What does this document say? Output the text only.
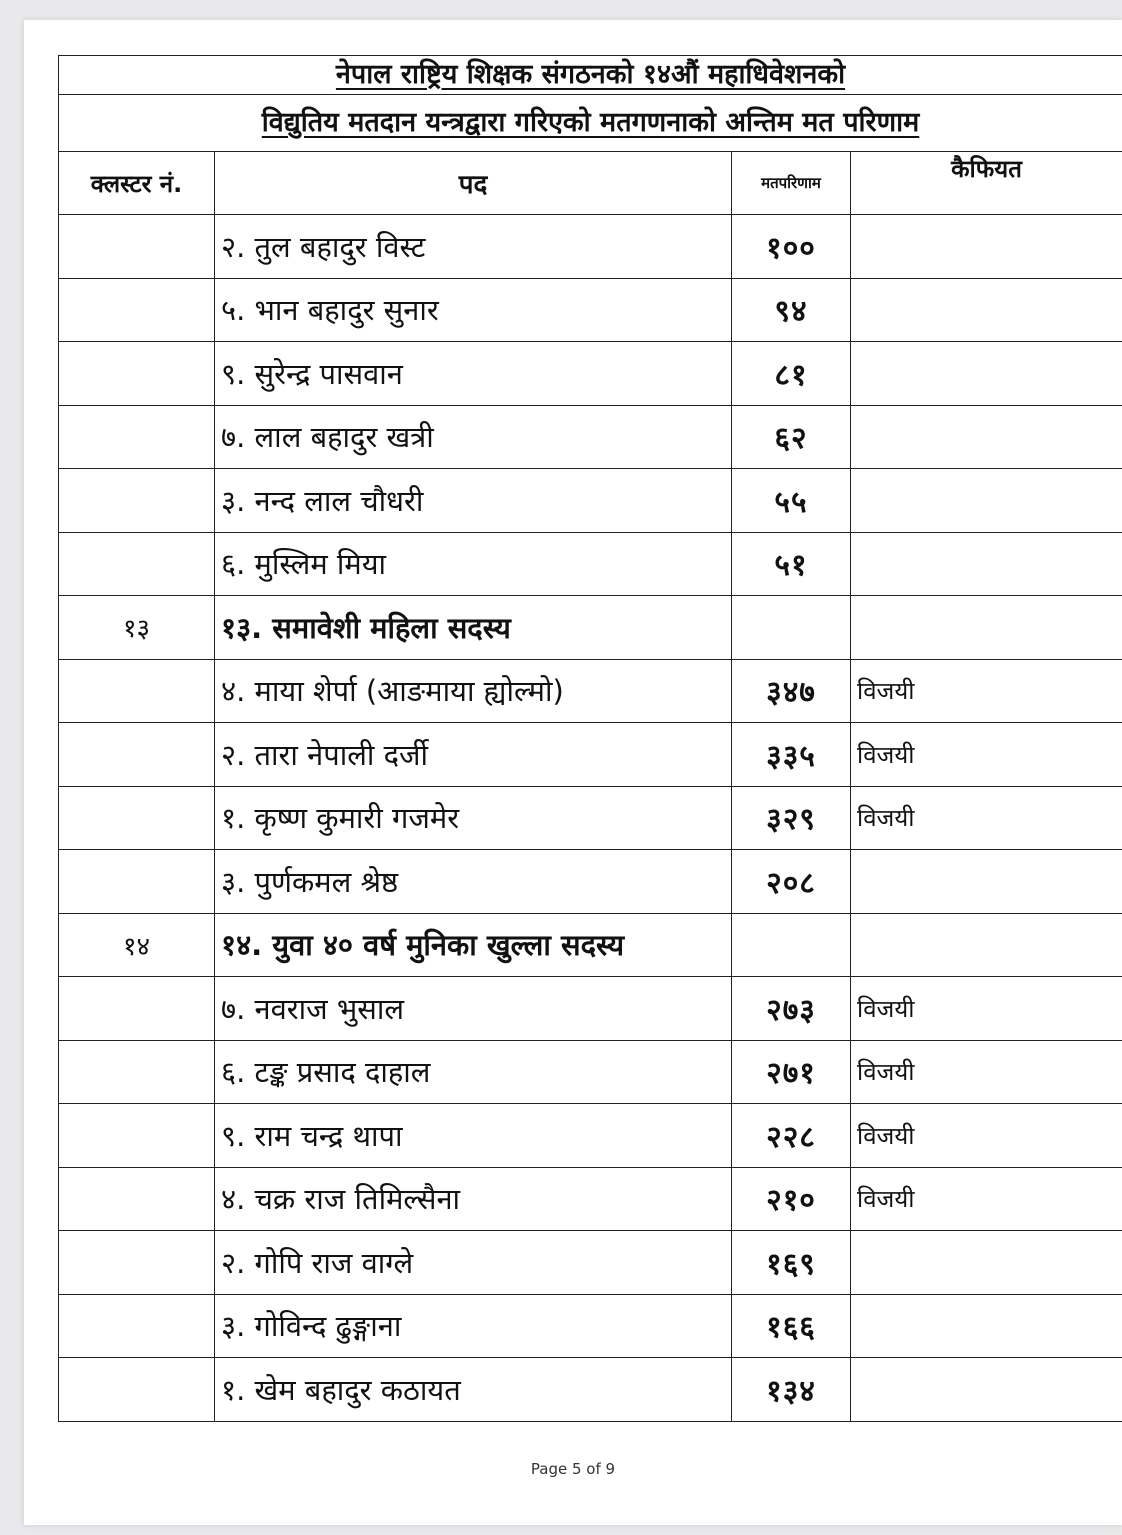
नेपाल राष्ट्रिय शिक्षक संगठनको १४औं महाधिवेशनको			
विद्युतिय मतदान यन्त्रद्वारा गरिएको मतगणनाको अन्तिम मत परिणाम			
क्लस्टर नं.	पद	मतपरिणाम	कैफियत
	२. तुल बहादुर विस्ट	१००	
	५. भान बहादुर सुनार	९४	
	९. सुरेन्द्र पासवान	८१	
	७. लाल बहादुर खत्री	६२	
	३. नन्द लाल चौधरी	५५	
	६. मुस्लिम मिया	५१	
१३	१३. समावेशी महिला सदस्य		
	४. माया शेर्पा (आङमाया ह्योल्मो)	३४७	विजयी
	२. तारा नेपाली दर्जी	३३५	विजयी
	१. कृष्ण कुमारी गजमेर	३२९	विजयी
	३. पुर्णकमल श्रेष्ठ	२०८	
१४	१४. युवा ४० वर्ष मुनिका खुल्ला सदस्य		
	७. नवराज भुसाल	२७३	विजयी
	६. टङ्क प्रसाद दाहाल	२७१	विजयी
	९. राम चन्द्र थापा	२२८	विजयी
	४. चक्र राज तिमिल्सैना	२१०	विजयी
	२. गोपि राज वाग्ले	१६९	
	३. गोविन्द ढुङ्गाना	१६६	
	१. खेम बहादुर कठायत	१३४	
Page 5 of 9
